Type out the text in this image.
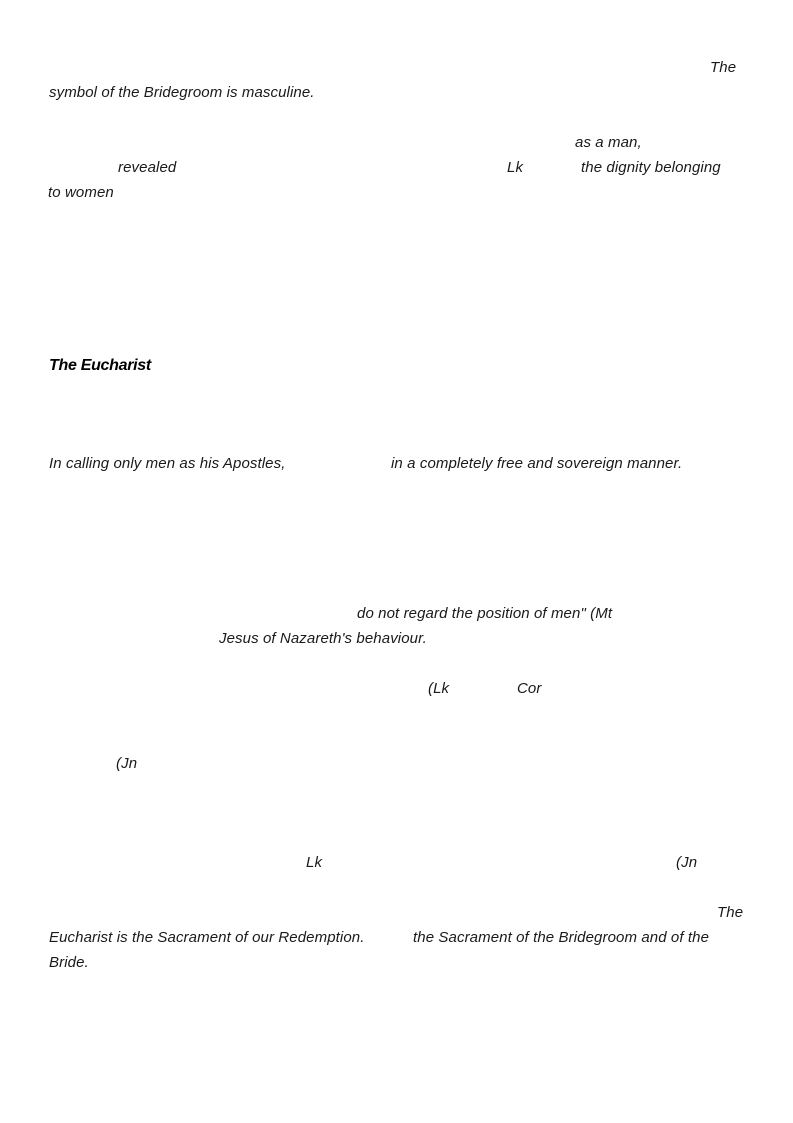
The
symbol of the Bridegroom is masculine.
as a man,
revealed	Lk	the dignity belonging
to women
The Eucharist
In calling only men as his Apostles,	in a completely free and sovereign manner.
do not regard the position of men" (Mt
Jesus of Nazareth's behaviour.
(Lk	Cor
(Jn
Lk	(Jn
The
Eucharist is the Sacrament of our Redemption.	the Sacrament of the Bridegroom and of the
Bride.
